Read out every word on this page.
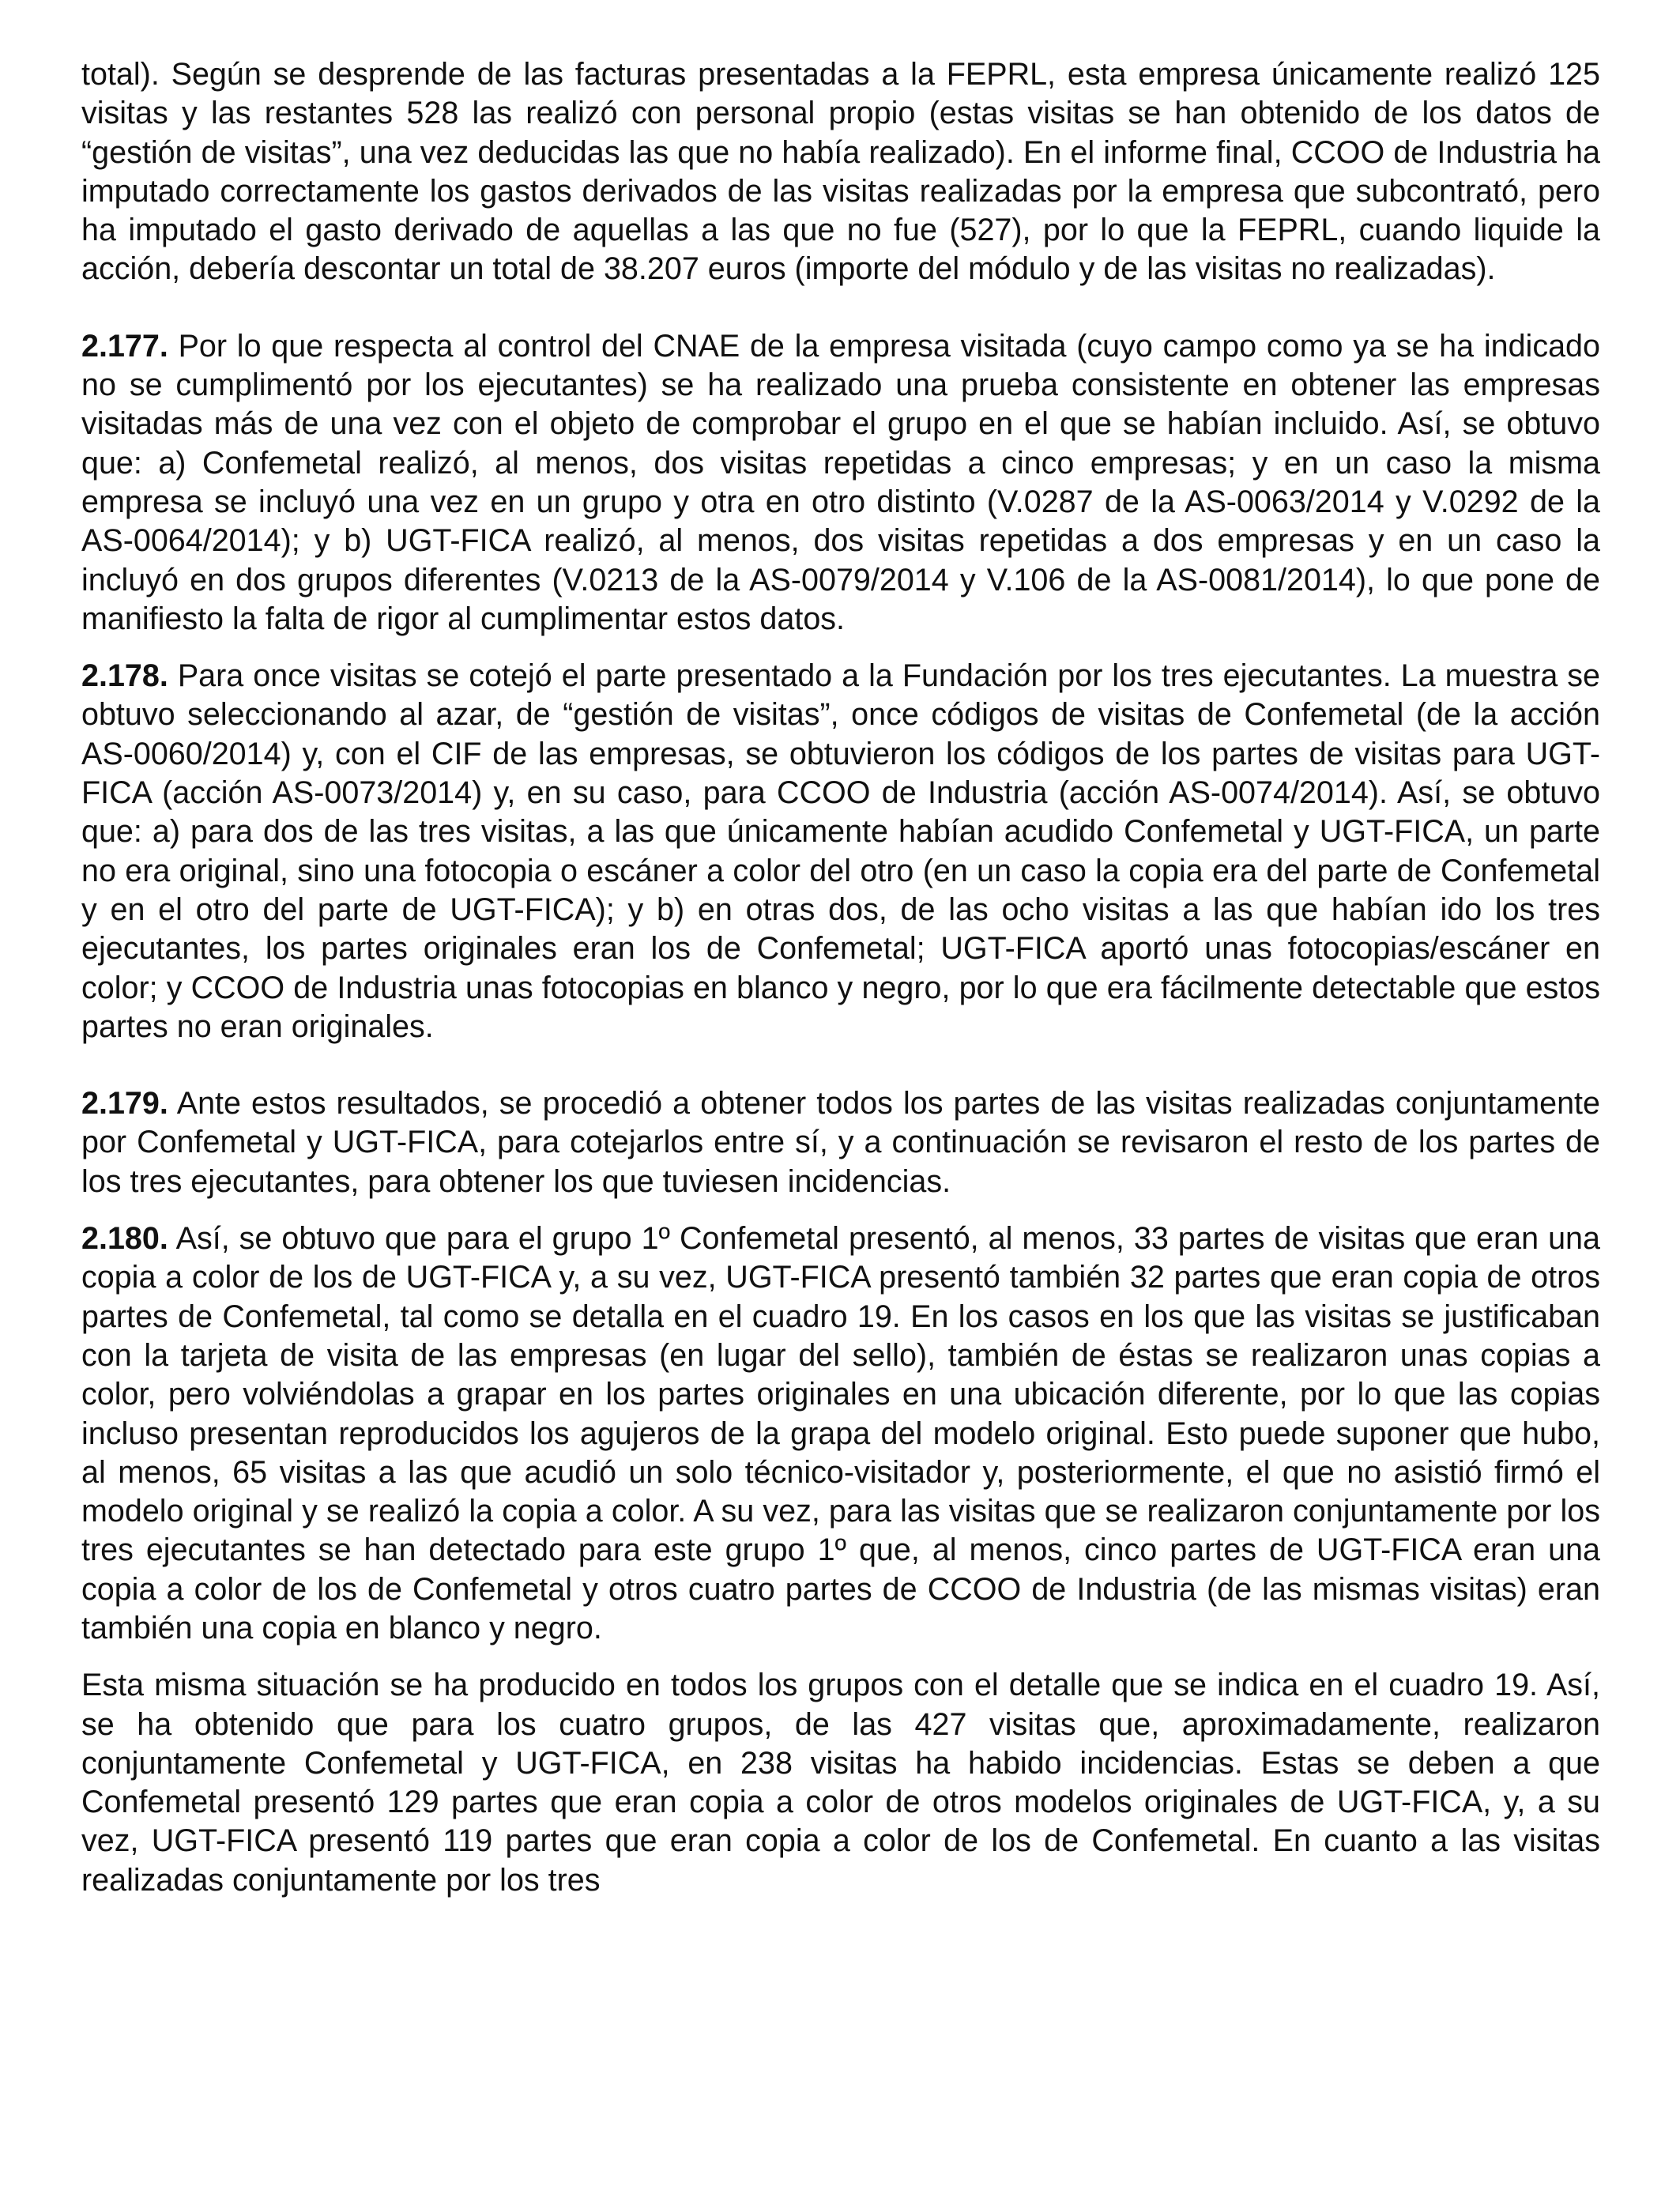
total). Según se desprende de las facturas presentadas a la FEPRL, esta empresa únicamente realizó 125 visitas y las restantes 528 las realizó con personal propio (estas visitas se han obtenido de los datos de “gestión de visitas”, una vez deducidas las que no había realizado). En el informe final, CCOO de Industria ha imputado correctamente los gastos derivados de las visitas realizadas por la empresa que subcontrató, pero ha imputado el gasto derivado de aquellas a las que no fue (527), por lo que la FEPRL, cuando liquide la acción, debería descontar un total de 38.207 euros (importe del módulo y de las visitas no realizadas).

2.177. Por lo que respecta al control del CNAE de la empresa visitada (cuyo campo como ya se ha indicado no se cumplimentó por los ejecutantes) se ha realizado una prueba consistente en obtener las empresas visitadas más de una vez con el objeto de comprobar el grupo en el que se habían incluido. Así, se obtuvo que: a) Confemetal realizó, al menos, dos visitas repetidas a cinco empresas; y en un caso la misma empresa se incluyó una vez en un grupo y otra en otro distinto (V.0287 de la AS-0063/2014 y V.0292 de la AS-0064/2014); y b) UGT-FICA realizó, al menos, dos visitas repetidas a dos empresas y en un caso la incluyó en dos grupos diferentes (V.0213 de la AS-0079/2014 y V.106 de la AS-0081/2014), lo que pone de manifiesto la falta de rigor al cumplimentar estos datos.

2.178. Para once visitas se cotejó el parte presentado a la Fundación por los tres ejecutantes. La muestra se obtuvo seleccionando al azar, de “gestión de visitas”, once códigos de visitas de Confemetal (de la acción AS-0060/2014) y, con el CIF de las empresas, se obtuvieron los códigos de los partes de visitas para UGT-FICA (acción AS-0073/2014) y, en su caso, para CCOO de Industria (acción AS-0074/2014). Así, se obtuvo que: a) para dos de las tres visitas, a las que únicamente habían acudido Confemetal y UGT-FICA, un parte no era original, sino una fotocopia o escáner a color del otro (en un caso la copia era del parte de Confemetal y en el otro del parte de UGT-FICA); y b) en otras dos, de las ocho visitas a las que habían ido los tres ejecutantes, los partes originales eran los de Confemetal; UGT-FICA aportó unas fotocopias/escáner en color; y CCOO de Industria unas fotocopias en blanco y negro, por lo que era fácilmente detectable que estos partes no eran originales.

2.179. Ante estos resultados, se procedió a obtener todos los partes de las visitas realizadas conjuntamente por Confemetal y UGT-FICA, para cotejarlos entre sí, y a continuación se revisaron el resto de los partes de los tres ejecutantes, para obtener los que tuviesen incidencias.

2.180. Así, se obtuvo que para el grupo 1º Confemetal presentó, al menos, 33 partes de visitas que eran una copia a color de los de UGT-FICA y, a su vez, UGT-FICA presentó también 32 partes que eran copia de otros partes de Confemetal, tal como se detalla en el cuadro 19. En los casos en los que las visitas se justificaban con la tarjeta de visita de las empresas (en lugar del sello), también de éstas se realizaron unas copias a color, pero volviéndolas a grapar en los partes originales en una ubicación diferente, por lo que las copias incluso presentan reproducidos los agujeros de la grapa del modelo original. Esto puede suponer que hubo, al menos, 65 visitas a las que acudió un solo técnico-visitador y, posteriormente, el que no asistió firmó el modelo original y se realizó la copia a color. A su vez, para las visitas que se realizaron conjuntamente por los tres ejecutantes se han detectado para este grupo 1º que, al menos, cinco partes de UGT-FICA eran una copia a color de los de Confemetal y otros cuatro partes de CCOO de Industria (de las mismas visitas) eran también una copia en blanco y negro.

Esta misma situación se ha producido en todos los grupos con el detalle que se indica en el cuadro 19. Así, se ha obtenido que para los cuatro grupos, de las 427 visitas que, aproximadamente, realizaron conjuntamente Confemetal y UGT-FICA, en 238 visitas ha habido incidencias. Estas se deben a que Confemetal presentó 129 partes que eran copia a color de otros modelos originales de UGT-FICA, y, a su vez, UGT-FICA presentó 119 partes que eran copia a color de los de Confemetal. En cuanto a las visitas realizadas conjuntamente por los tres
